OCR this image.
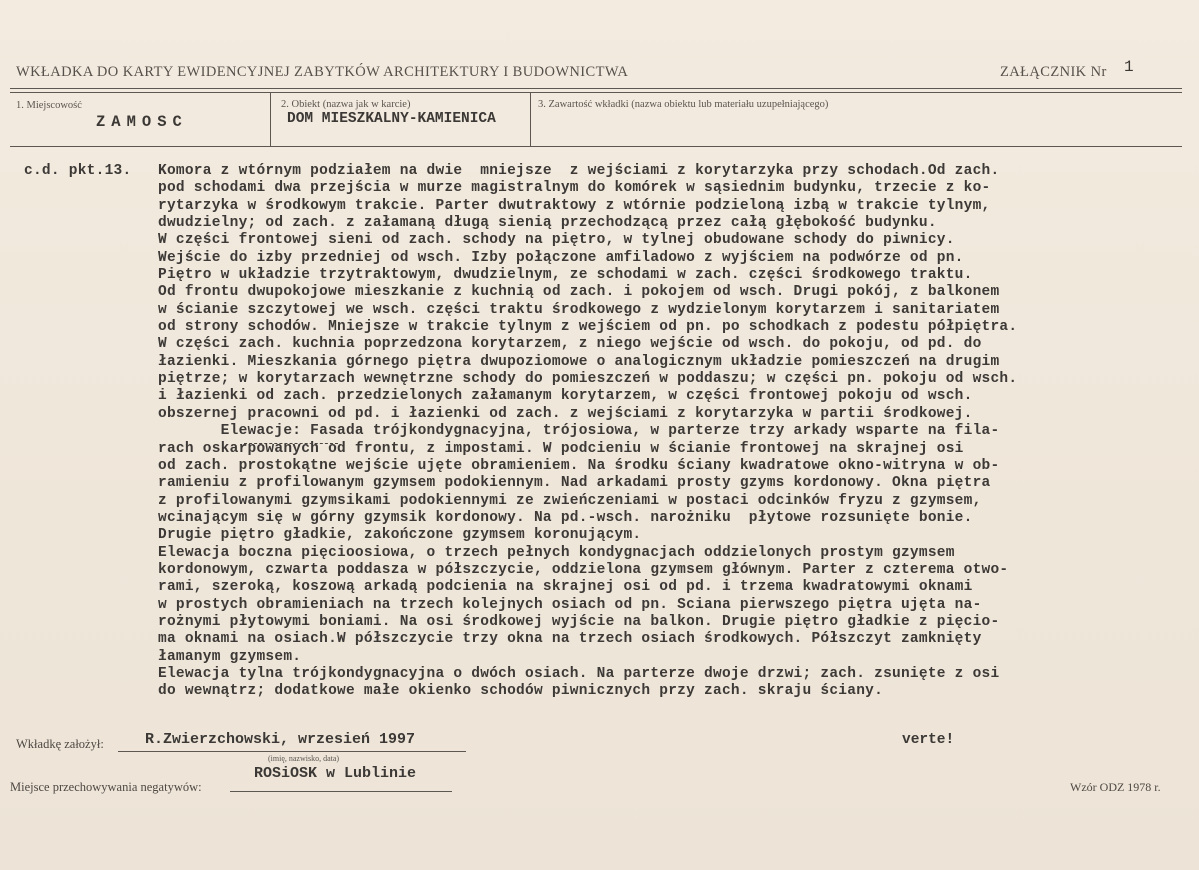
WKŁADKA DO KARTY EWIDENCYJNEJ ZABYTKÓW ARCHITEKTURY I BUDOWNICTWA	ZAŁĄCZNIK Nr 1
1. Miejscowość
ZAMOSC
2. Obiekt (nazwa jak w karcie)
DOM MIESZKALNY-KAMIENICA
3. Zawartość wkładki (nazwa obiektu lub materiału uzupełniającego)
c.d. pkt.13. Komora z wtórnym podziałem na dwie  mniejsze  z wejściami z korytarzyka przy schodach.Od zach.
pod schodami dwa przejścia w murze magistralnym do komórek w sąsiednim budynku, trzecie z ko-
rytarzyka w środkowym trakcie. Parter dwutraktowy z wtórnie podzieloną izbą w trakcie tylnym,
dwudzielny; od zach. z załamaną długą sienią przechodzącą przez całą głębokość budynku.
W części frontowej sieni od zach. schody na piętro, w tylnej obudowane schody do piwnicy.
Wejście do izby przedniej od wsch. Izby połączone amfiladowo z wyjściem na podwórze od pn.
Piętro w układzie trzytraktowym, dwudzielnym, ze schodami w zach. części środkowego traktu.
Od frontu dwupokojowe mieszkanie z kuchnią od zach. i pokojem od wsch. Drugi pokój, z balkonem
w ścianie szczytowej we wsch. części traktu środkowego z wydzielonym korytarzem i sanitariatem
od strony schodów. Mniejsze w trakcie tylnym z wejściem od pn. po schodkach z podestu półpiętra.
W części zach. kuchnia poprzedzona korytarzem, z niego wejście od wsch. do pokoju, od pd. do
łazienki. Mieszkania górnego piętra dwupoziomowe o analogicznym układzie pomieszczeń na drugim
piętrze; w korytarzach wewnętrzne schody do pomieszczeń w poddaszu; w części pn. pokoju od wsch.
i łazienki od zach. przedzielonych załamanym korytarzem, w części frontowej pokoju od wsch.
obszernej pracowni od pd. i łazienki od zach. z wejściami z korytarzyka w partii środkowej.
Elewacje: Fasada trójkondygnacyjna, trójosiowa, w parterze trzy arkady wsparte na fila-
rach oskarpowanych od frontu, z impostami. W podcieniu w ścianie frontowej na skrajnej osi
od zach. prostokątne wejście ujęte obramieniem. Na środku ściany kwadratowe okno-witryna w ob-
ramieniu z profilowanym gzymsem podokiennym. Nad arkadami prosty gzyms kordonowy. Okna piętra
z profilowanymi gzymsikami podokiennymi ze zwieńczeniami w postaci odcinków fryzu z gzymsem,
wcinającym się w górny gzymsik kordonowy. Na pd.-wsch. narożniku  płytowe rozsunięte bonie.
Drugie piętro gładkie, zakończone gzymsem koronującym.
Elewacja boczna pięcioosiowa, o trzech pełnych kondygnacjach oddzielonych prostym gzymsem
kordonowym, czwarta poddasza w półszczycie, oddzielona gzymsem głównym. Parter z czterema otwo-
rami, szeroką, koszową arkadą podcienia na skrajnej osi od pd. i trzema kwadratowymi oknami
w prostych obramieniach na trzech kolejnych osiach od pn. Sciana pierwszego piętra ujęta na-
rożnymi płytowymi boniami. Na osi środkowej wyjście na balkon. Drugie piętro gładkie z pięcio-
ma oknami na osiach.W półszczycie trzy okna na trzech osiach środkowych. Półszczyt zamknięty
łamanym gzymsem.
Elewacja tylna trójkondygnacyjna o dwóch osiach. Na parterze dwoje drzwi; zach. zsunięte z osi
do wewnątrz; dodatkowe małe okienko schodów piwnicznych przy zach. skraju ściany.
Wkładkę założył:	R.Zwierzchowski, wrzesień 1997
(imię, nazwisko, data)
verte!
Miejsce przechowywania negatywów:
ROSiOSK w Lublinie
Wzór ODZ 1978 r.
